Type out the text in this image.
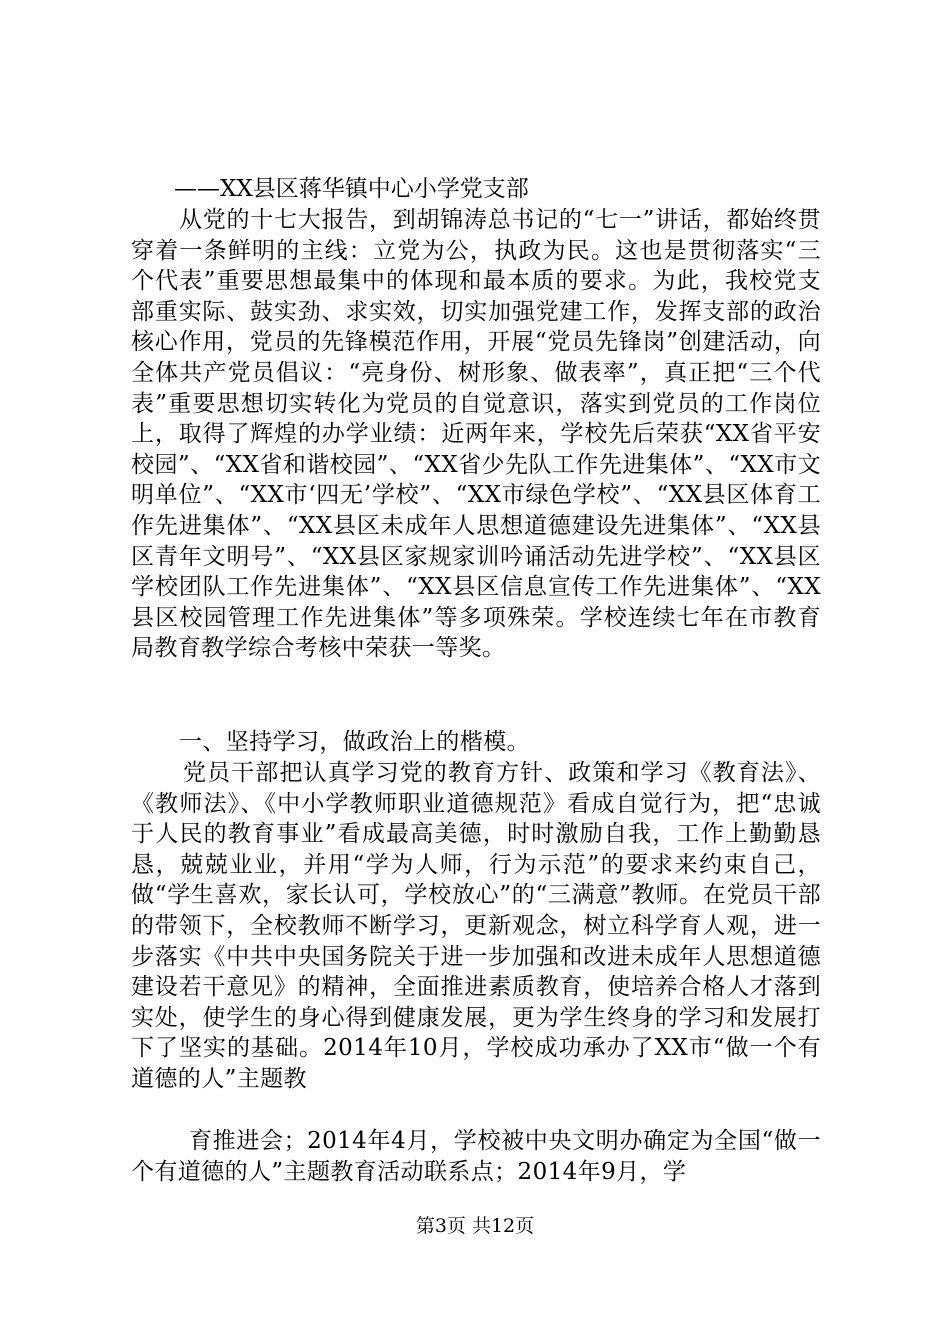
——XX县区蒋华镇中心小学党支部

从党的十七大报告，到胡锦涛总书记的“七一”讲话，都始终贯穿着一条鲜明的主线：立党为公，执政为民。这也是贯彻落实“三个代表”重要思想最集中的体现和最本质的要求。为此，我校党支部重实际、鼓实劲、求实效，切实加强党建工作，发挥支部的政治核心作用，党员的先锋模范作用，开展“党员先锋岗”创建活动，向全体共产党员倡议：“亮身份、树形象、做表率”，真正把“三个代表”重要思想切实转化为党员的自觉意识，落实到党员的工作岗位上，取得了辉煌的办学业绩：近两年来，学校先后荣获“XX省平安校园”、“XX省和谐校园”、“XX省少先队工作先进集体”、“XX市文明单位”、“XX市‘四无’学校”、“XX市绿色学校”、“XX县区体育工作先进集体”、“XX县区未成年人思想道德建设先进集体”、“XX县区青年文明号”、“XX县区家规家训吟诵活动先进学校”、“XX县区学校团队工作先进集体”、“XX县区信息宣传工作先进集体”、“XX县区校园管理工作先进集体”等多项殊荣。学校连续七年在市教育局教育教学综合考核中荣获一等奖。

一、坚持学习，做政治上的楷模。

党员干部把认真学习党的教育方针、政策和学习《教育法》、《教师法》、《中小学教师职业道德规范》看成自觉行为，把“忠诚于人民的教育事业”看成最高美德，时时激励自我，工作上勤勤恳恳，兢兢业业，并用“学为人师，行为示范”的要求来约束自己，做“学生喜欢，家长认可，学校放心”的“三满意”教师。在党员干部的带领下，全校教师不断学习，更新观念，树立科学育人观，进一步落实《中共中央国务院关于进一步加强和改进未成年人思想道德建设若干意见》的精神，全面推进素质教育，使培养合格人才落到实处，使学生的身心得到健康发展，更为学生终身的学习和发展打下了坚实的基础。2014年10月，学校成功承办了XX市“做一个有道德的人”主题教

育推进会；2014年4月，学校被中央文明办确定为全国“做一个有道德的人”主题教育活动联系点；2014年9月，学

第3页 共12页
